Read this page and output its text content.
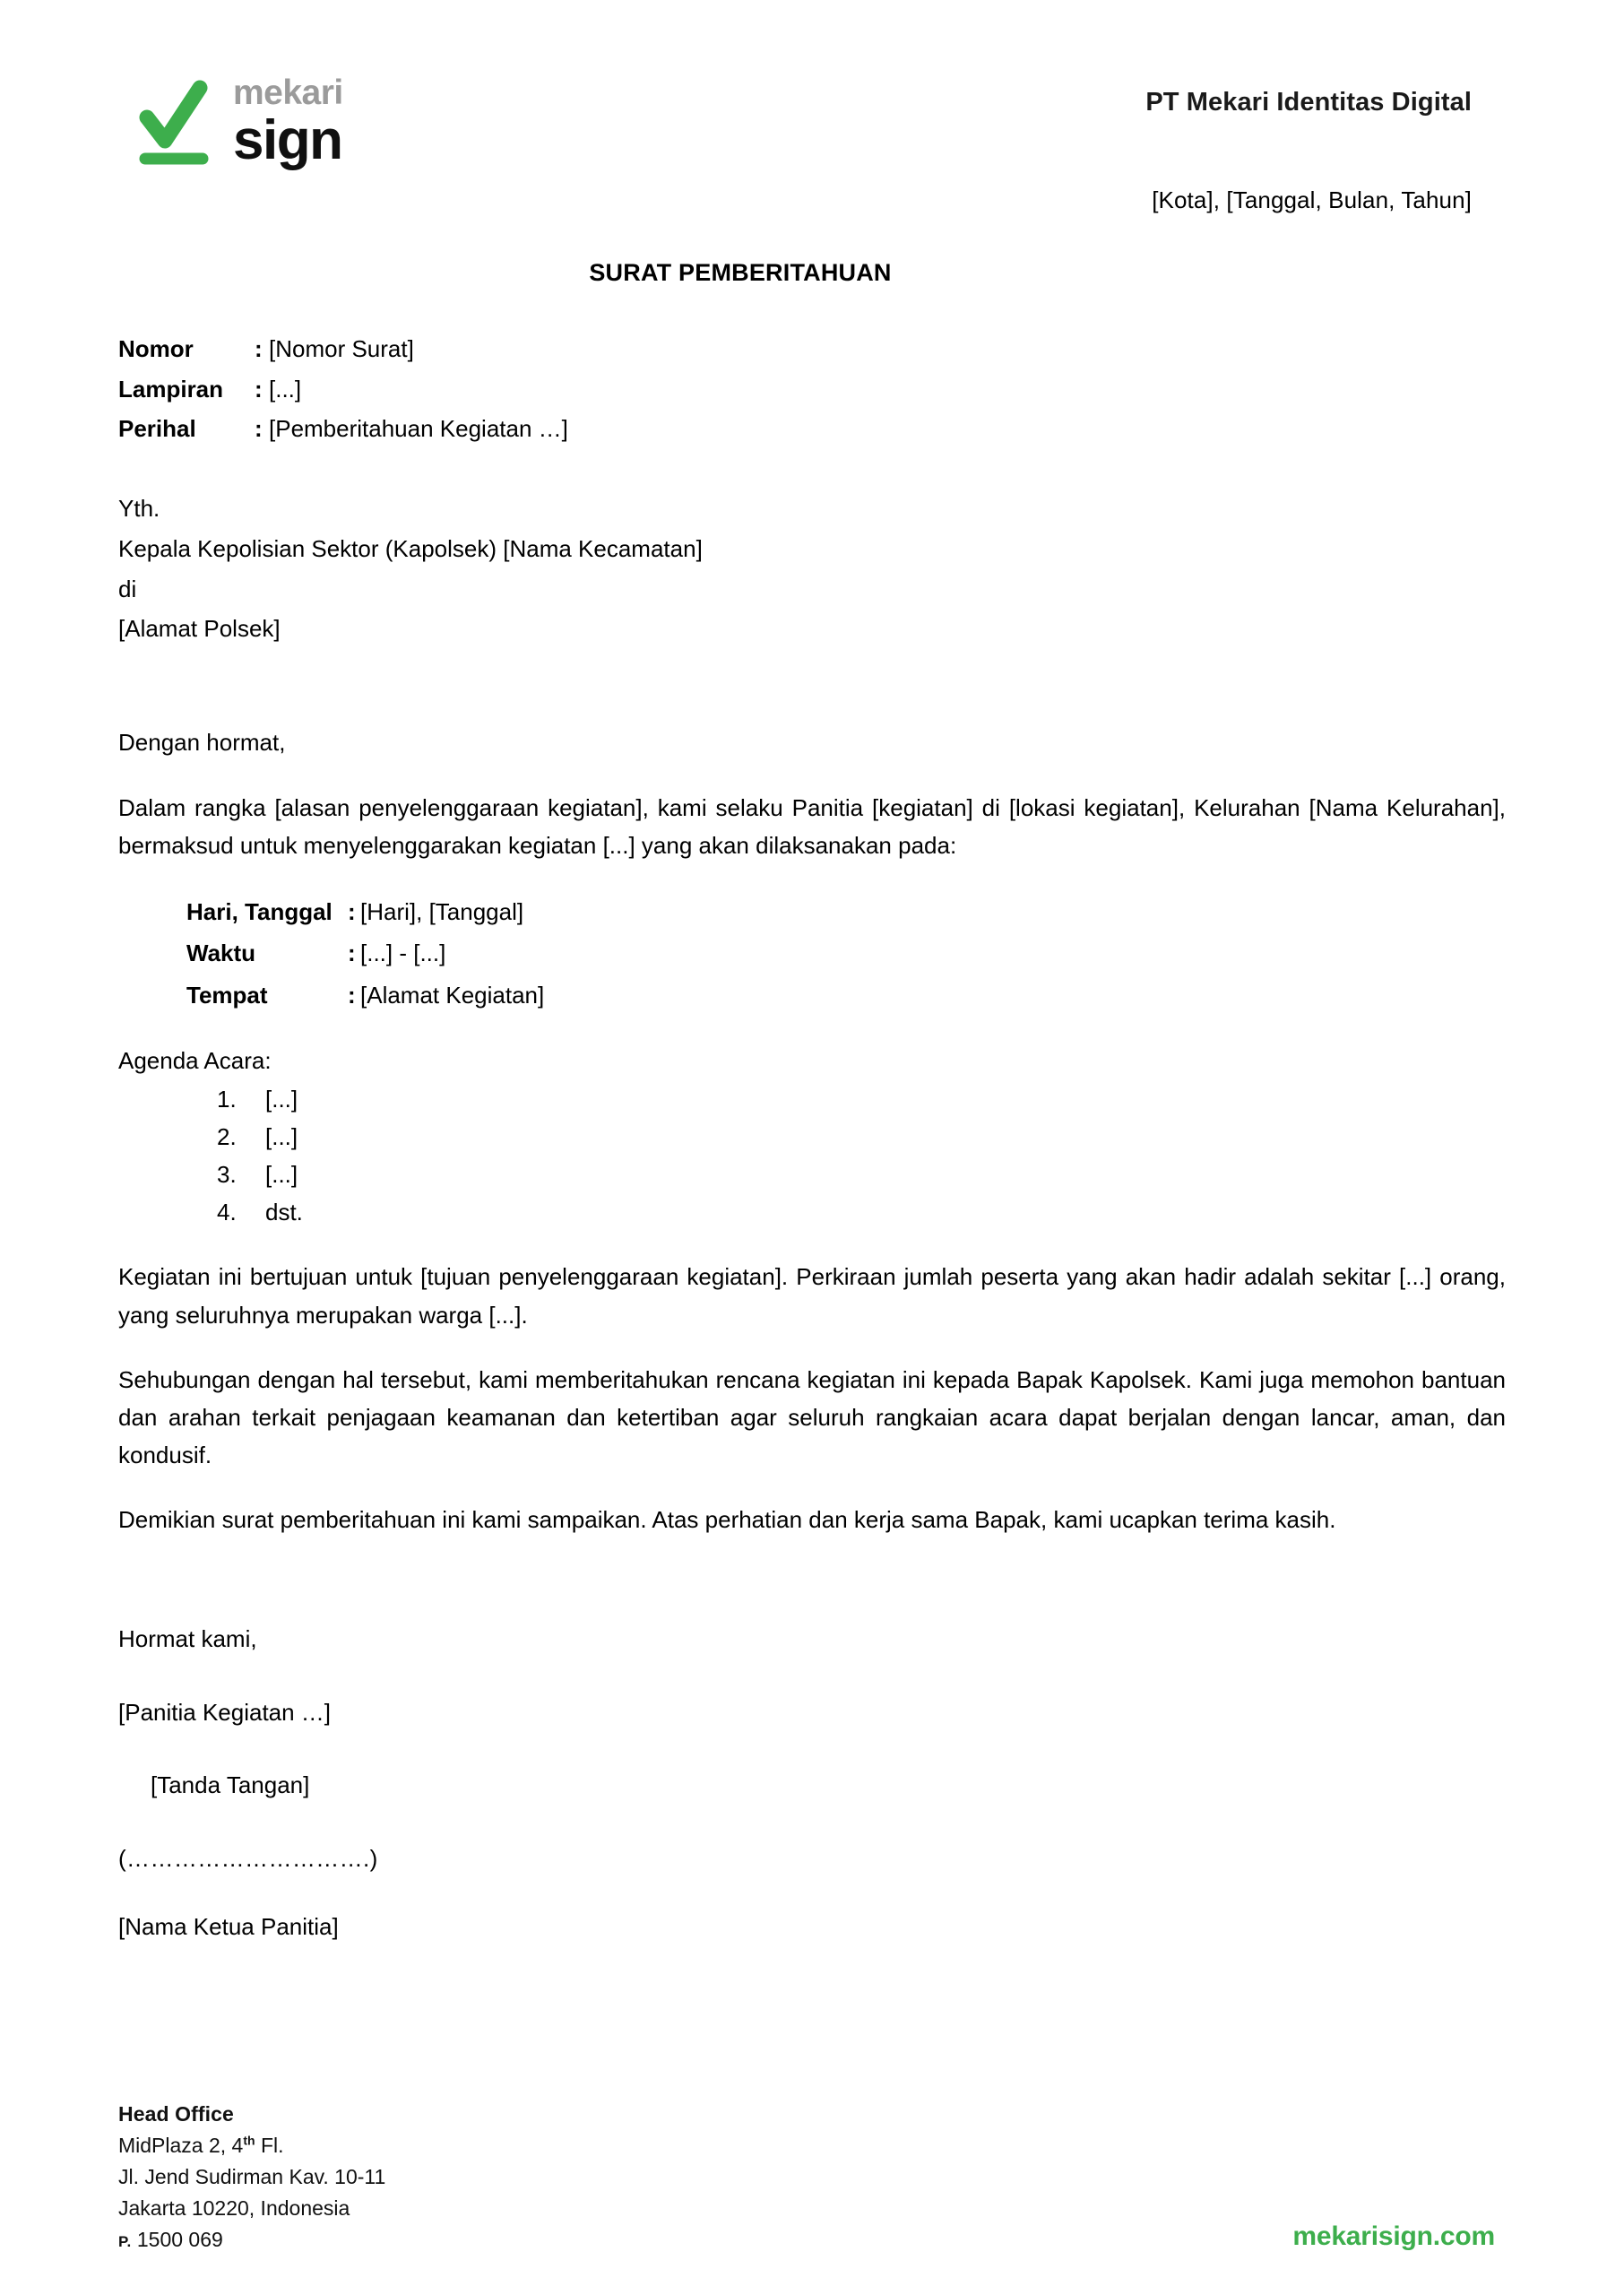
mekari
sign
PT Mekari Identitas Digital
[Kota], [Tanggal, Bulan, Tahun]
SURAT PEMBERITAHUAN
Nomor	: [Nomor Surat]
Lampiran	: [...]
Perihal	: [Pemberitahuan Kegiatan …]
Yth.
Kepala Kepolisian Sektor (Kapolsek) [Nama Kecamatan]
di
[Alamat Polsek]
Dengan hormat,
Dalam rangka [alasan penyelenggaraan kegiatan], kami selaku Panitia [kegiatan] di [lokasi kegiatan], Kelurahan [Nama Kelurahan], bermaksud untuk menyelenggarakan kegiatan [...] yang akan dilaksanakan pada:
Hari, Tanggal : [Hari], [Tanggal]
Waktu	: [...] - [...]
Tempat	: [Alamat Kegiatan]
Agenda Acara:
1.	[...]
2.	[...]
3.	[...]
4.	dst.
Kegiatan ini bertujuan untuk [tujuan penyelenggaraan kegiatan]. Perkiraan jumlah peserta yang akan hadir adalah sekitar [...] orang, yang seluruhnya merupakan warga [...].
Sehubungan dengan hal tersebut, kami memberitahukan rencana kegiatan ini kepada Bapak Kapolsek. Kami juga memohon bantuan dan arahan terkait penjagaan keamanan dan ketertiban agar seluruh rangkaian acara dapat berjalan dengan lancar, aman, dan kondusif.
Demikian surat pemberitahuan ini kami sampaikan. Atas perhatian dan kerja sama Bapak, kami ucapkan terima kasih.
Hormat kami,
[Panitia Kegiatan …]
[Tanda Tangan]
(………………………….)
[Nama Ketua Panitia]
Head Office
MidPlaza 2, 4th Fl.
Jl. Jend Sudirman Kav. 10-11
Jakarta 10220, Indonesia
P. 1500 069	mekarisign.com
